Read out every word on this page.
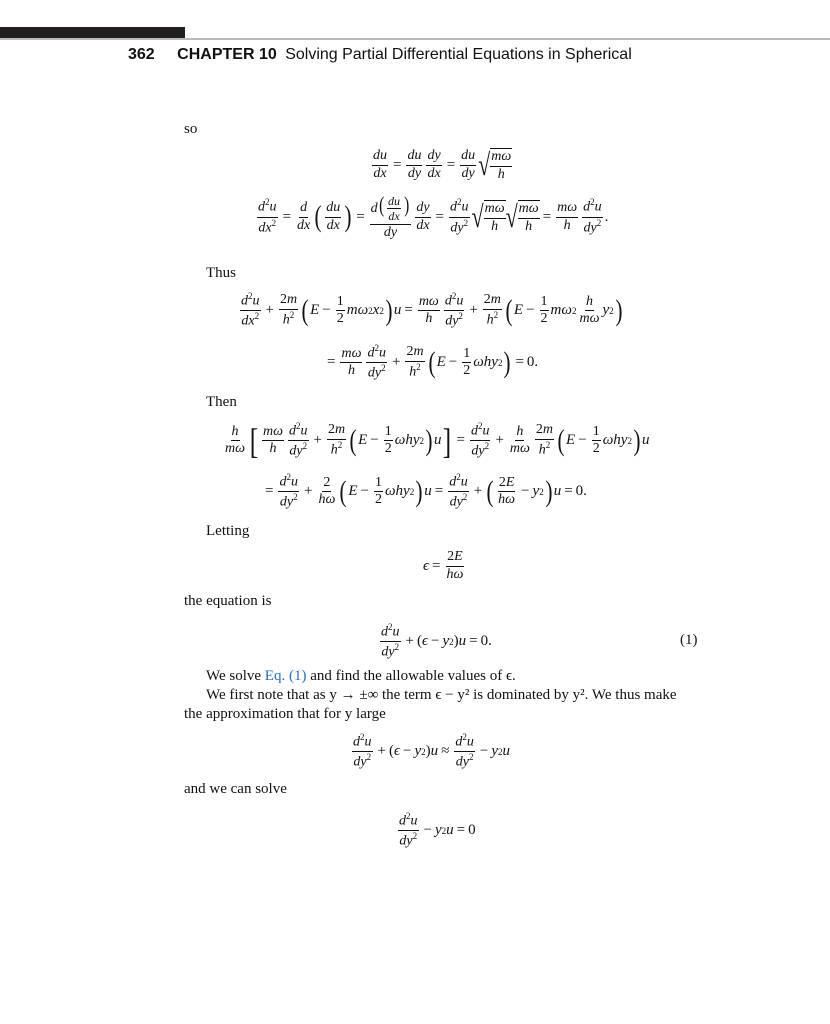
362 CHAPTER 10 Solving Partial Differential Equations in Spherical
so
$\frac{du}{dx} = \frac{du}{dy} \frac{dy}{dx} = \frac{du}{dy}$ √ $\frac{m\omega}{h}$
$\frac{d^2u}{dx^2} = \frac{d}{dx}$ ( $\frac{du}{dx}$ ) = $\frac{d( \frac{du}{dx} )}{dy} \frac{dy}{dx} = \frac{d^2u}{dy^2}$ √ $\frac{m\omega}{h}$ √ $\frac{m\omega}{h} = \frac{m\omega}{h} \frac{d^2u}{dy^2}$ .
Thus
$\frac{d^2u}{dx^2} + \frac{2m}{h^2}$ ( $E - \frac{1}{2}$ mω 2 x 2 ) $u = \frac{m\omega}{h} \frac{d^2u}{dy^2} + \frac{2m}{h^2}$ ( $E - \frac{1}{2}$ mω $2 \frac{h}{m\omega}$ y 2 )
= $\frac{m\omega}{h} \frac{d^2u}{dy^2} + \frac{2m}{h^2}$ ( $E - \frac{1}{2}$ ωhy 2 ) = 0.
Then
$\frac{h}{m\omega}$ [ $\frac{m\omega}{h} \frac{d^2u}{dy^2} + \frac{2m}{h^2}$ ( $E - \frac{1}{2}$ ωhy 2 ) u ] = $\frac{d^2u}{dy^2} + \frac{h}{m\omega} \frac{2m}{h^2}$ ( $E - \frac{1}{2}$ ωhy 2 ) u
= $\frac{d^2u}{dy^2} + \frac{2}{h\omega}$ ( $E - \frac{1}{2}$ ωhy 2 ) $u = \frac{d^2u}{dy^2}$ + ( $\frac{2E}{h\omega} - y$ 2 ) u = 0.
Letting
$\epsilon = \frac{2E}{h\omega}$
the equation is
$\frac{d^2u}{dy^2}$ + ( ϵ − y 2 ) u = 0.	(1)
We solve Eq. (1) and find the allowable values of ϵ.
We first note that as y → ±∞ the term ϵ − y² is dominated by y². We thus make
the approximation that for y large
$\frac{d^2u}{dy^2}$ + ( ϵ − y 2 ) $u \approx \frac{d^2u}{dy^2} - y$ 2 u
and we can solve
$\frac{d^2u}{dy^2} - y$ 2 u = 0
